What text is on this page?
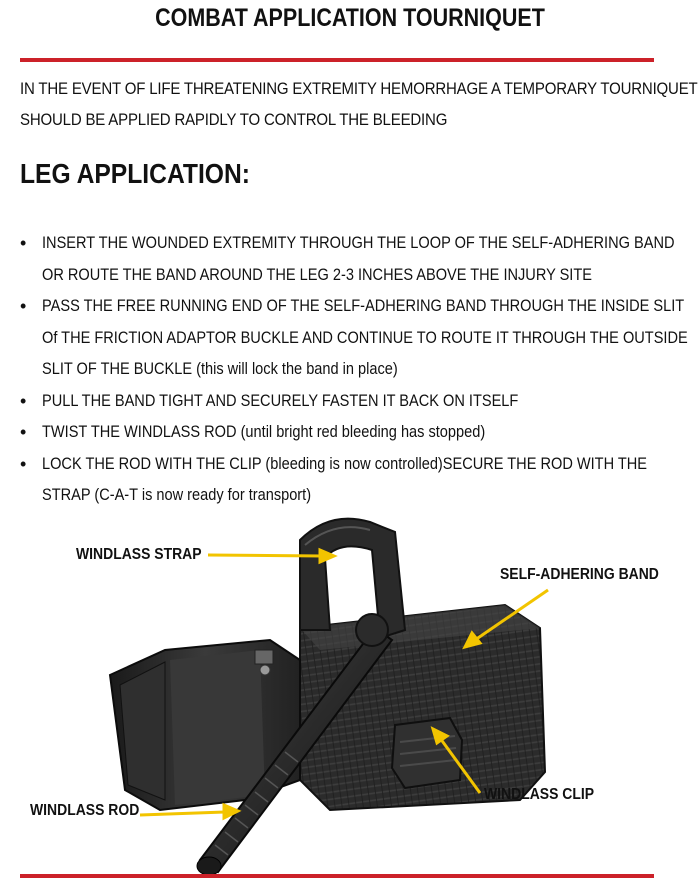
COMBAT APPLICATION TOURNIQUET
IN THE EVENT OF LIFE THREATENING EXTREMITY HEMORRHAGE A TEMPORARY TOURNIQUET
SHOULD BE APPLIED RAPIDLY TO CONTROL THE BLEEDING
LEG APPLICATION:
• INSERT THE WOUNDED EXTREMITY THROUGH THE LOOP OF THE SELF-ADHERING BAND
OR ROUTE THE BAND AROUND THE LEG 2-3 INCHES ABOVE THE INJURY SITE
• PASS THE FREE RUNNING END OF THE SELF-ADHERING BAND THROUGH THE INSIDE SLIT
Of THE FRICTION ADAPTOR BUCKLE AND CONTINUE TO ROUTE IT THROUGH THE OUTSIDE
SLIT OF THE BUCKLE (this will lock the band in place)
• PULL THE BAND TIGHT AND SECURELY FASTEN IT BACK ON ITSELF
• TWIST THE WINDLASS ROD (until bright red bleeding has stopped)
• LOCK THE ROD WITH THE CLIP (bleeding is now controlled)SECURE THE ROD WITH THE
STRAP (C-A-T is now ready for transport)
WINDLASS STRAP
SELF-ADHERING BAND
WINDLASS CLIP
WINDLASS ROD
